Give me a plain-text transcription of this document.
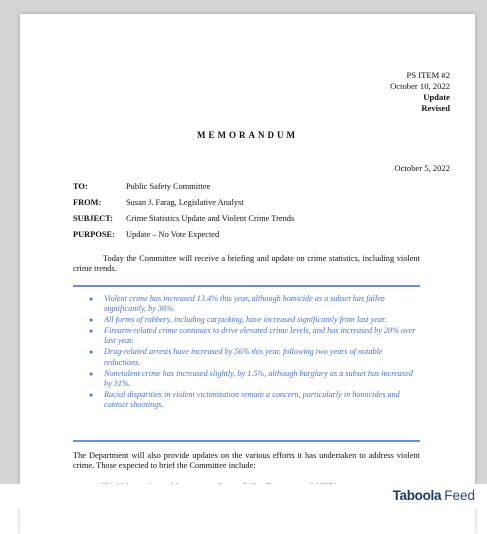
PS ITEM #2
October 10, 2022
Update
Revised
MEMORANDUM
October 5, 2022
TO:	Public Safety Committee
FROM:	Susan J. Farag, Legislative Analyst
SUBJECT: Crime Statistics Update and Violent Crime Trends
PURPOSE: Update – No Vote Expected
Today the Committee will receive a briefing and update on crime statistics, including violent crime trends.
● Violent crime has increased 13.4% this year, although homicide as a subset has fallen significantly, by 36%.
● All forms of robbery, including carjacking, have increased significantly from last year.
● Firearm-related crime continues to drive elevated crime levels, and has increased by 20% over last year.
● Drug-related arrests have increased by 56% this year, following two years of notable reductions.
● Nonviolent crime has increased slightly, by 1.5%, although burglary as a subset has increased by 31%.
● Racial disparities in violent victimization remain a concern, particularly in homicides and contact shootings.
The Department will also provide updates on the various efforts it has undertaken to address violent crime. Those expected to brief the Committee include:
Taboola Feed
